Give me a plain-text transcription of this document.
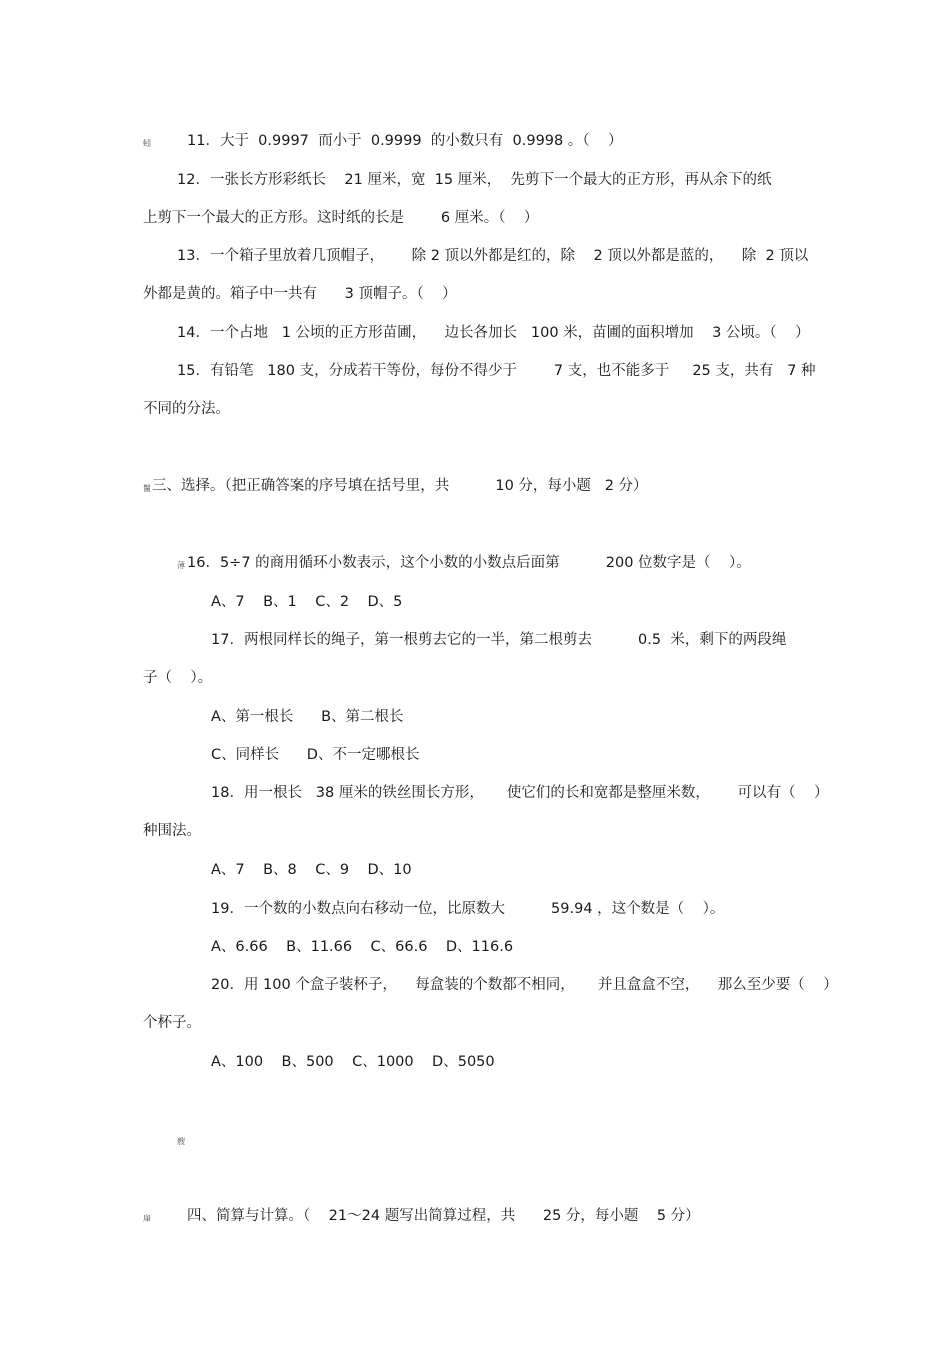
蚓 11．大于  0.9997  而小于  0.9999  的小数只有  0.9998 。（    ）
12．一张长方形彩纸长    21 厘米，宽  15 厘米，  先剪下一个最大的正方形，再从余下的纸
上剪下一个最大的正方形。这时纸的长是        6 厘米。（    ）
13．一个箱子里放着几顶帽子，      除 2 顶以外都是红的，除    2 顶以外都是蓝的，    除  2 顶以
外都是黄的。箱子中一共有      3 顶帽子。（    ）
14．一个占地   1 公顷的正方形苗圃，    边长各加长   100 米，苗圃的面积增加    3 公顷。（    ）
15．有铅笔   180 支，分成若干等份，每份不得少于        7 支，也不能多于     25 支，共有   7 种
不同的分法。
鬣 三、选择。（把正确答案的序号填在括号里，共          10 分，每小题   2 分）
薄 16．5÷7 的商用循环小数表示，这个小数的小数点后面第          200 位数字是（    ）。
A、7    B、1    C、2    D、5
17．两根同样长的绳子，第一根剪去它的一半，第二根剪去          0.5  米，剩下的两段绳
子（    ）。
A、第一根长      B、第二根长
C、同样长      D、不一定哪根长
18．用一根长   38 厘米的铁丝围长方形，     使它们的长和宽都是整厘米数，      可以有（    ）
种围法。
A、7    B、8    C、9    D、10
19．一个数的小数点向右移动一位，比原数大          59.94 ，这个数是（    ）。
A、6.66    B、11.66    C、66.6    D、116.6
20．用 100 个盒子装杯子，    每盒装的个数都不相同，     并且盒盒不空，    那么至少要（    ）
个杯子。
A、100    B、500    C、1000    D、5050
艘
肁 四、简算与计算。（    21～24 题写出简算过程，共      25 分，每小题    5 分）
